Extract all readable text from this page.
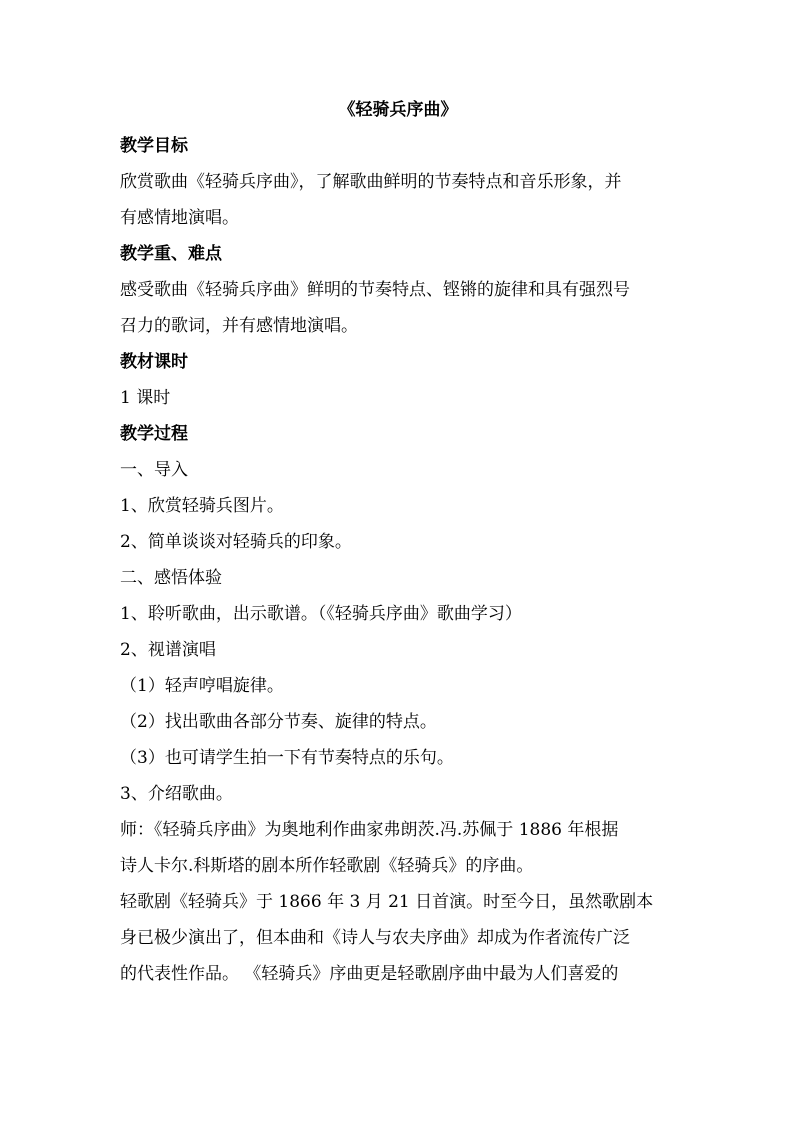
《轻骑兵序曲》

教学目标

欣赏歌曲《轻骑兵序曲》，了解歌曲鲜明的节奏特点和音乐形象，并

有感情地演唱。

教学重、难点

感受歌曲《轻骑兵序曲》鲜明的节奏特点、铿锵的旋律和具有强烈号

召力的歌词，并有感情地演唱。

教材课时

1 课时

教学过程

一、导入

1、欣赏轻骑兵图片。

2、简单谈谈对轻骑兵的印象。

二、感悟体验

1、聆听歌曲，出示歌谱。（《轻骑兵序曲》歌曲学习）

2、视谱演唱

（1）轻声哼唱旋律。

（2）找出歌曲各部分节奏、旋律的特点。

（3）也可请学生拍一下有节奏特点的乐句。

3、介绍歌曲。

师：《轻骑兵序曲》为奥地利作曲家弗朗茨.冯.苏佩于 1886 年根据

诗人卡尔.科斯塔的剧本所作轻歌剧《轻骑兵》的序曲。

轻歌剧《轻骑兵》于 1866 年 3 月 21 日首演。时至今日，虽然歌剧本

身已极少演出了，但本曲和《诗人与农夫序曲》却成为作者流传广泛

的代表性作品。 《轻骑兵》序曲更是轻歌剧序曲中最为人们喜爱的
